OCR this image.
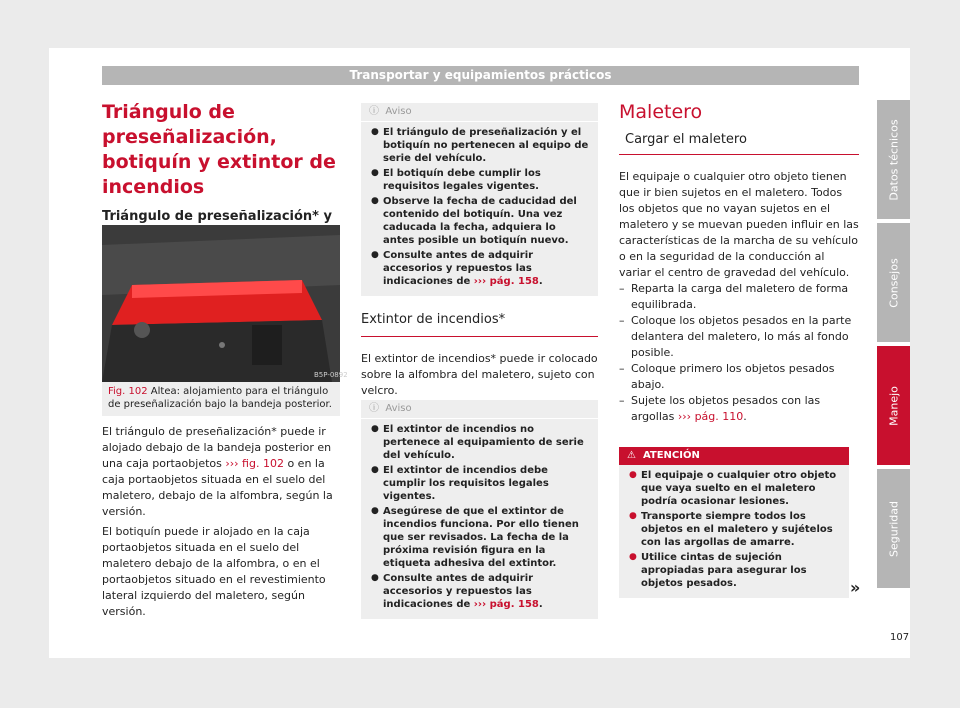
Transportar y equipamientos prácticos
Triángulo de preseñalización, botiquín y extintor de incendios
Triángulo de preseñalización* y
B5P-0892
Fig. 102 Altea: alojamiento para el triángulo de preseñalización bajo la bandeja posterior.

El triángulo de preseñalización* puede ir alojado debajo de la bandeja posterior en una caja portaobjetos ››› fig. 102 o en la caja portaobjetos situada en el suelo del maletero, debajo de la alfombra, según la versión.

El botiquín puede ir alojado en la caja portaobjetos situada en el suelo del maletero debajo de la alfombra, o en el portaobjetos situado en el revestimiento lateral izquierdo del maletero, según versión.

ⓘ  Aviso
● El triángulo de preseñalización y el botiquín no pertenecen al equipo de serie del vehículo.
● El botiquín debe cumplir los requisitos legales vigentes.
● Observe la fecha de caducidad del contenido del botiquín. Una vez caducada la fecha, adquiera lo antes posible un botiquín nuevo.
● Consulte antes de adquirir accesorios y repuestos las indicaciones de ››› pág. 158.
Extintor de incendios*

El extintor de incendios* puede ir colocado sobre la alfombra del maletero, sujeto con velcro.

ⓘ  Aviso
● El extintor de incendios no pertenece al equipamiento de serie del vehículo.
● El extintor de incendios debe cumplir los requisitos legales vigentes.
● Asegúrese de que el extintor de incendios funciona. Por ello tienen que ser revisados. La fecha de la próxima revisión figura en la etiqueta adhesiva del extintor.
● Consulte antes de adquirir accesorios y repuestos las indicaciones de ››› pág. 158.
Maletero
Cargar el maletero

El equipaje o cualquier otro objeto tienen que ir bien sujetos en el maletero. Todos los objetos que no vayan sujetos en el maletero y se muevan pueden influir en las características de la marcha de su vehículo o en la seguridad de la conducción al variar el centro de gravedad del vehículo.

– Reparta la carga del maletero de forma equilibrada.

– Coloque los objetos pesados en la parte delantera del maletero, lo más al fondo posible.

– Coloque primero los objetos pesados abajo.

– Sujete los objetos pesados con las argollas ››› pág. 110.

⚠  ATENCIÓN
● El equipaje o cualquier otro objeto que vaya suelto en el maletero podría ocasionar lesiones.
● Transporte siempre todos los objetos en el maletero y sujételos con las argollas de amarre.
● Utilice cintas de sujeción apropiadas para asegurar los objetos pesados.	»
Datos técnicos
Consejos
Manejo
Seguridad
107
